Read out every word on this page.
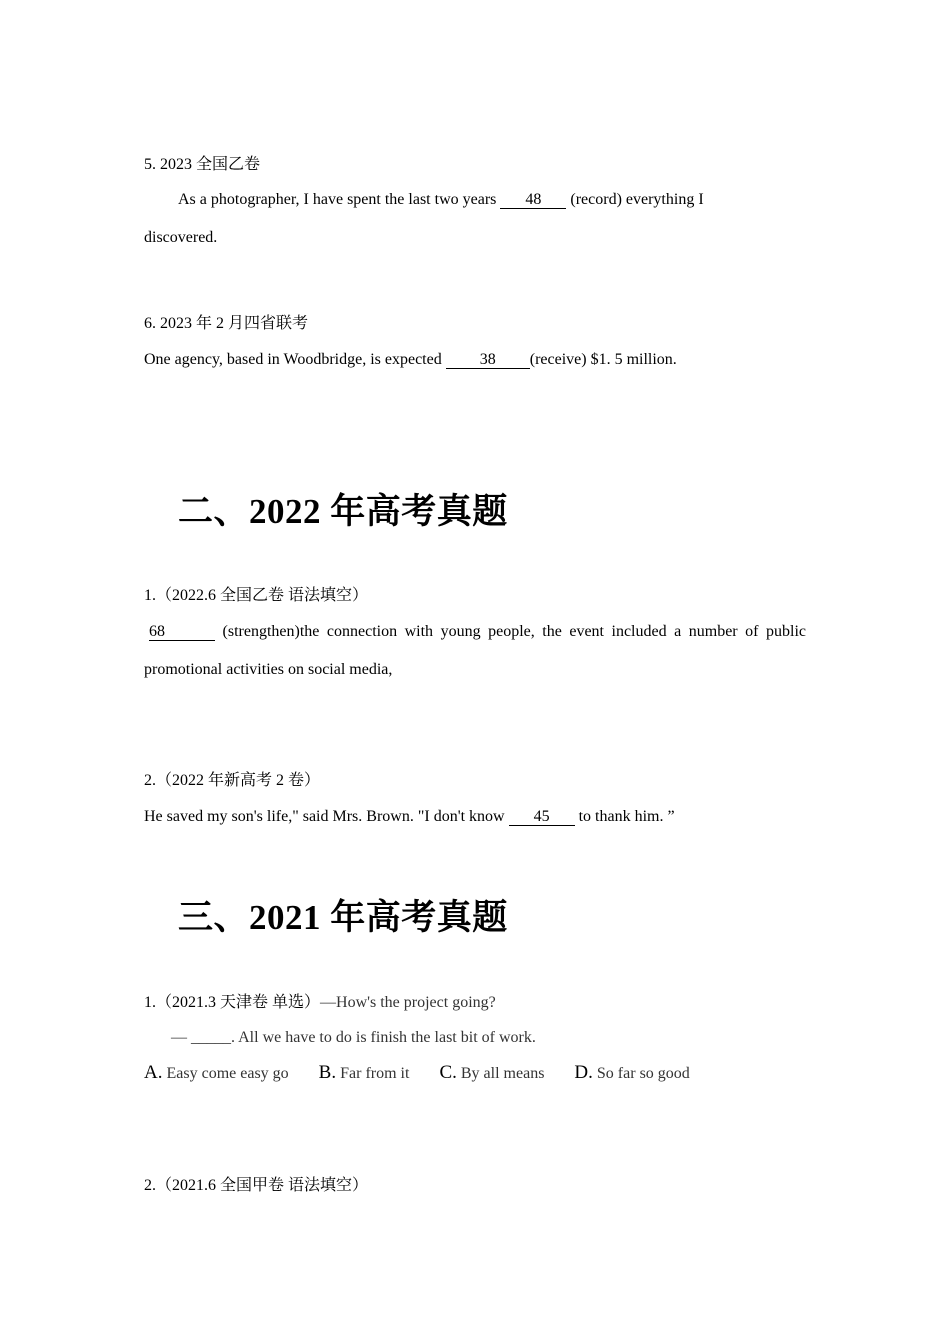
5. 2023 全国乙卷
As a photographer, I have spent the last two years 48 (record) everything I
discovered.
6. 2023 年 2 月四省联考
One agency, based in Woodbridge, is expected 38 (receive) $1. 5 million.
二、2022 年高考真题
1.（2022.6 全国乙卷 语法填空）
68	(strengthen)the connection with young people, the event included a number of public
promotional activities on social media,
2.（2022 年新高考 2 卷）
He saved my son's life," said Mrs. Brown. "I don't know 45 to thank him. ”
三、2021 年高考真题
1.（2021.3 天津卷 单选）—How's the project going?
— _____. All we have to do is finish the last bit of work.
A. Easy come easy go B. Far from it C. By all means D. So far so good
2.（2021.6 全国甲卷 语法填空）
